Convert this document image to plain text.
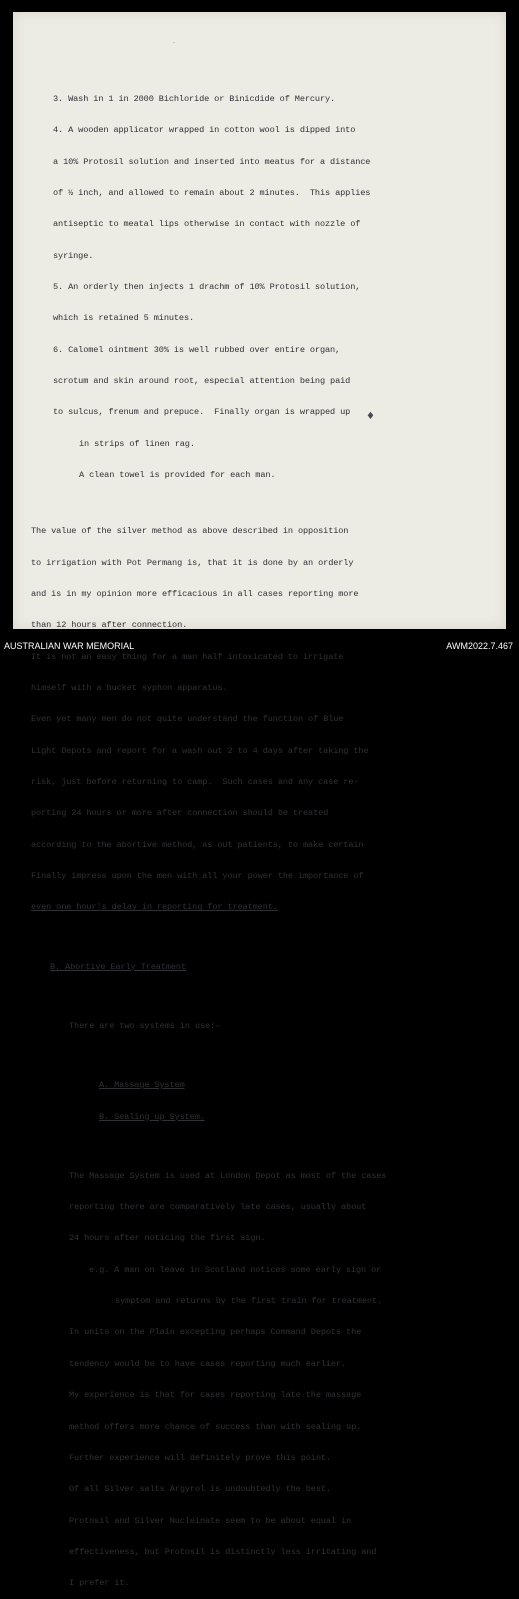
·
♦

3. Wash in 1 in 2000 Bichloride or Binicdide of Mercury.

4. A wooden applicator wrapped in cotton wool is dipped into

a 10% Protosil solution and inserted into meatus for a distance

of ½ inch, and allowed to remain about 2 minutes.  This applies

antiseptic to meatal lips otherwise in contact with nozzle of

syringe.

5. An orderly then injects 1 drachm of 10% Protosil solution,

which is retained 5 minutes.

6. Calomel ointment 30% is well rubbed over entire organ,

scrotum and skin around root, especial attention being paid

to sulcus, frenum and prepuce.  Finally organ is wrapped up

in strips of linen rag.

A clean towel is provided for each man.

The value of the silver method as above described in opposition

to irrigation with Pot Permang is, that it is done by an orderly

and is in my opinion more efficacious in all cases reporting more

than 12 hours after connection.

It is not an easy thing for a man half intoxicated to irrigate

himself with a bucket syphon apparatus.

Even yet many men do not quite understand the function of Blue

Light Depots and report for a wash out 2 to 4 days after taking the

risk, just before returning to camp.  Such cases and any case re-

porting 24 hours or more after connection should be treated

according to the abortive method, as out patients, to make certain

Finally impress upon the men with all your power the importance of

even one hour's delay in reporting for treatment.

B. Abortive Early Treatment

There are two systems in use:-

A. Massage System

B. Sealing up System.

The Massage System is used at London Depot as most of the cases

reporting there are comparatively late cases, usually about

24 hours after noticing the first sign.

e.g. A man on leave in Scotland notices some early sign or

symptom and returns by the first train for treatment.

In units on the Plain excepting perhaps Command Depots the

tendency would be to have cases reporting much earlier.

My experience is that for cases reporting late the massage

method offers more chance of success than with sealing up.

Further experience will definitely prove this point.

Of all Silver salts Argyrol is undoubtedly the best.

Protosil and Silver Nucleinate seem to be about equal in

effectiveness, but Protosil is distinctly less irritating and

I prefer it.

AUSTRALIAN WAR MEMORIAL	AWM2022.7.467
